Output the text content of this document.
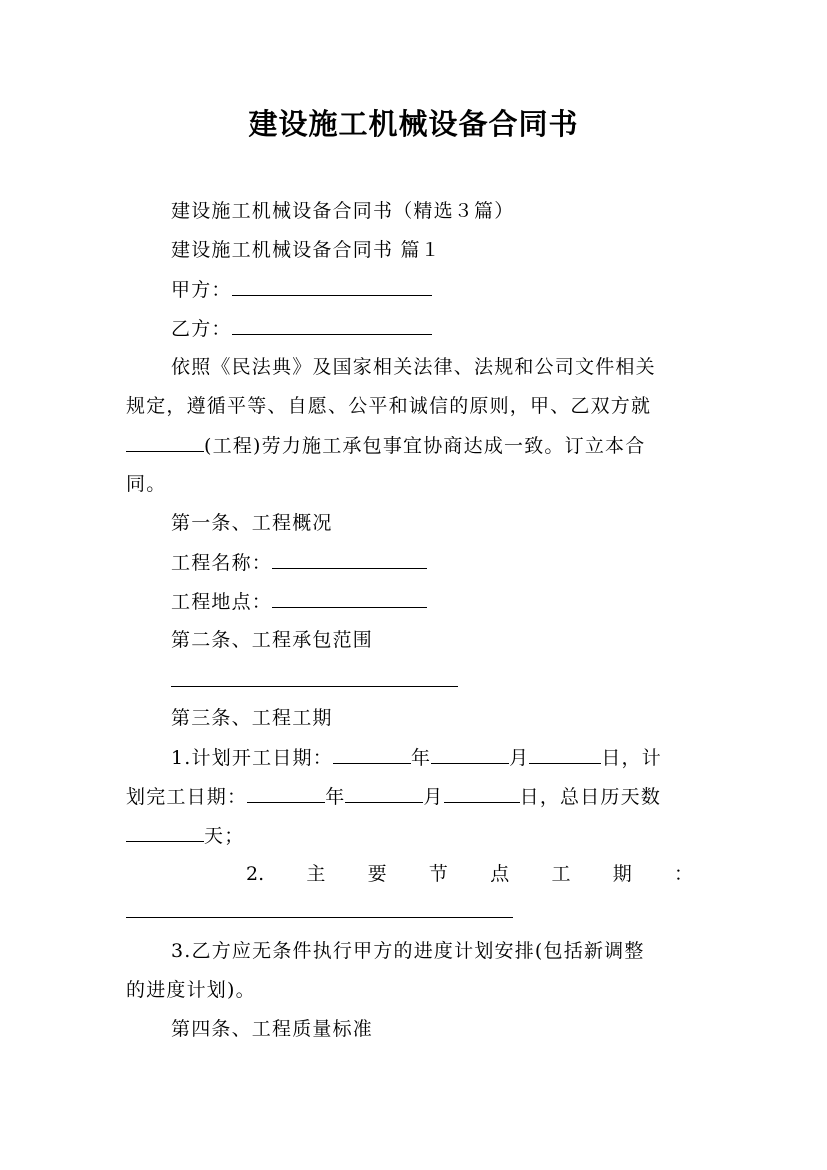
建设施工机械设备合同书
建设施工机械设备合同书（精选３篇）
建设施工机械设备合同书 篇１
甲方：
乙方：
依照《民法典》及国家相关法律、法规和公司文件相关
规定，遵循平等、自愿、公平和诚信的原则，甲、乙双方就
(工程)劳力施工承包事宜协商达成一致。订立本合
同。
第一条、工程概况
工程名称：
工程地点：
第二条、工程承包范围
第三条、工程工期
1.计划开工日期：	年	月	日，计
划完工日期：	年	月	日，总日历天数
天；
2. 主 要 节 点 工 期 ：
3.乙方应无条件执行甲方的进度计划安排(包括新调整
的进度计划)。
第四条、工程质量标准
